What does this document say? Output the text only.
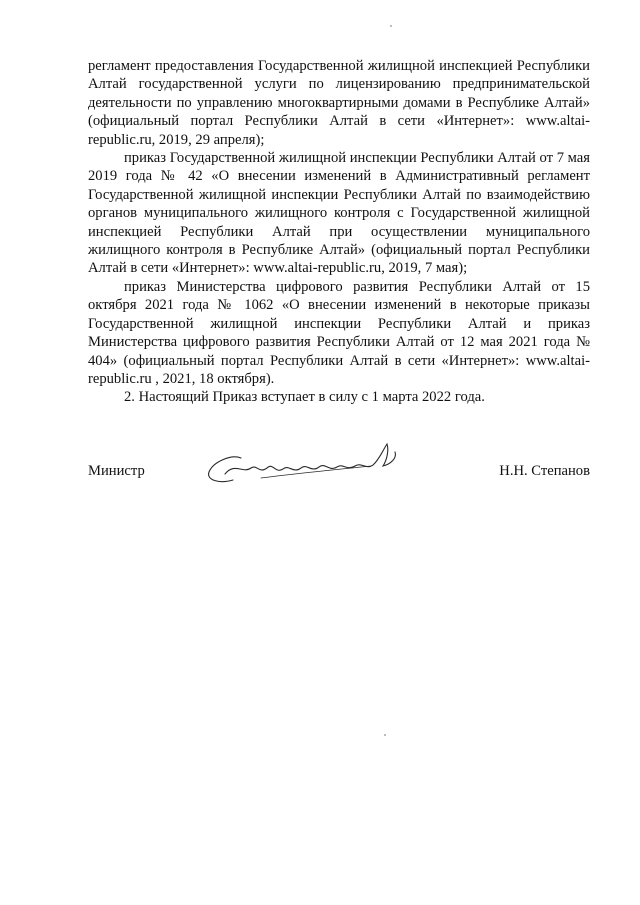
регламент предоставления Государственной жилищной инспекцией Республики Алтай государственной услуги по лицензированию предпринимательской деятельности по управлению многоквартирными домами в Республике Алтай» (официальный портал Республики Алтай в сети «Интернет»: www.altai-republic.ru, 2019, 29 апреля);

приказ Государственной жилищной инспекции Республики Алтай от 7 мая 2019 года № 42 «О внесении изменений в Административный регламент Государственной жилищной инспекции Республики Алтай по взаимодействию органов муниципального жилищного контроля с Государственной жилищной инспекцией Республики Алтай при осуществлении муниципального жилищного контроля в Республике Алтай» (официальный портал Республики Алтай в сети «Интернет»: www.altai-republic.ru, 2019, 7 мая);

приказ Министерства цифрового развития Республики Алтай от 15 октября 2021 года № 1062 «О внесении изменений в некоторые приказы Государственной жилищной инспекции Республики Алтай и приказ Министерства цифрового развития Республики Алтай от 12 мая 2021 года № 404» (официальный портал Республики Алтай в сети «Интернет»: www.altai-republic.ru , 2021, 18 октября).

2. Настоящий Приказ вступает в силу с 1 марта 2022 года.

Министр	Н.Н. Степанов
